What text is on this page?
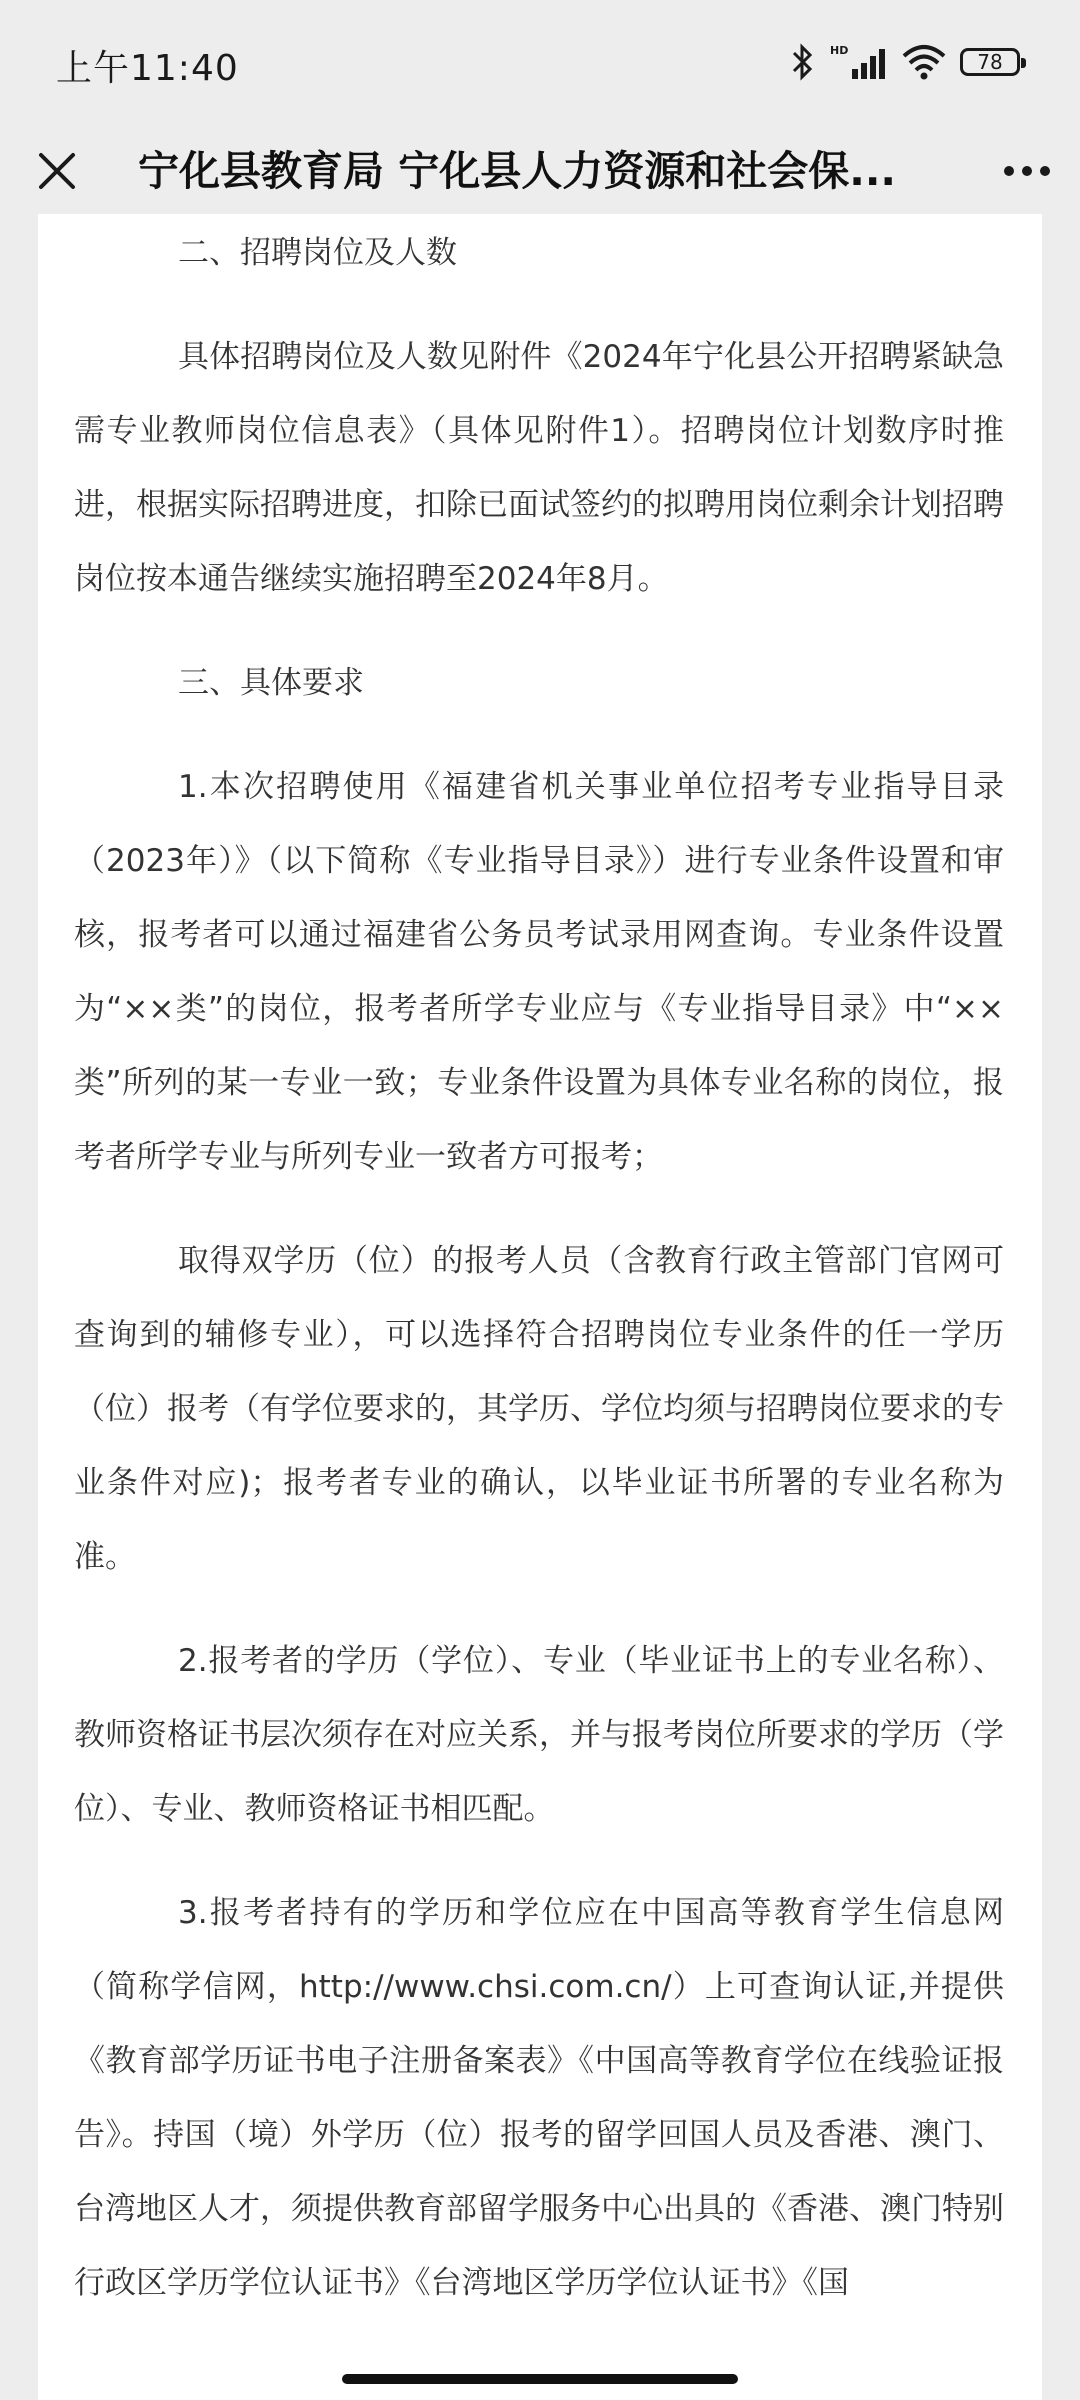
上午11:40	HD	78
宁化县教育局 宁化县人力资源和社会保...

二、招聘岗位及人数

具体招聘岗位及人数见附件《2024年宁化县公开招聘紧缺急需专业教师岗位信息表》（具体见附件1）。招聘岗位计划数序时推进，根据实际招聘进度，扣除已面试签约的拟聘用岗位剩余计划招聘岗位按本通告继续实施招聘至2024年8月。

三、具体要求

1.本次招聘使用《福建省机关事业单位招考专业指导目录（2023年）》（以下简称《专业指导目录》）进行专业条件设置和审核，报考者可以通过福建省公务员考试录用网查询。专业条件设置为“××类”的岗位，报考者所学专业应与《专业指导目录》中“××类”所列的某一专业一致；专业条件设置为具体专业名称的岗位，报考者所学专业与所列专业一致者方可报考；

取得双学历（位）的报考人员（含教育行政主管部门官网可查询到的辅修专业），可以选择符合招聘岗位专业条件的任一学历（位）报考（有学位要求的，其学历、学位均须与招聘岗位要求的专业条件对应)；报考者专业的确认，以毕业证书所署的专业名称为准。

2.报考者的学历（学位）、专业（毕业证书上的专业名称）、教师资格证书层次须存在对应关系，并与报考岗位所要求的学历（学位）、专业、教师资格证书相匹配。

3.报考者持有的学历和学位应在中国高等教育学生信息网（简称学信网，http://www.chsi.com.cn/）上可查询认证,并提供《教育部学历证书电子注册备案表》《中国高等教育学位在线验证报告》。持国（境）外学历（位）报考的留学回国人员及香港、澳门、台湾地区人才，须提供教育部留学服务中心出具的《香港、澳门特别行政区学历学位认证书》《台湾地区学历学位认证书》《国
